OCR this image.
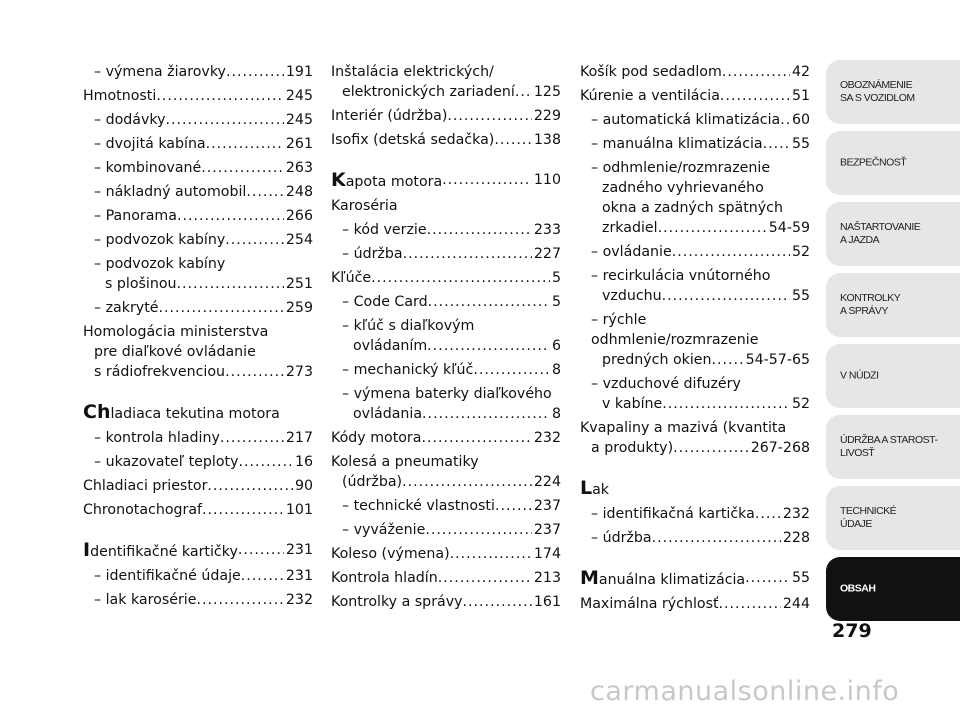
– výmena žiarovky .....	191
Hmotnosti .....	245
– dodávky .....	245
– dvojitá kabína .....	261
– kombinované .....	263
– nákladný automobil .....	248
– Panorama .....	266
– podvozok kabíny .....	254
– podvozok kabíny
s plošinou .....	251
– zakryté .....	259
Homologácia ministerstva
pre diaľkové ovládanie
s rádiofrekvenciou .....	273
Chladiaca tekutina motora
– kontrola hladiny .....	217
– ukazovateľ teploty .....	16
Chladiaci priestor .....	90
Chronotachograf .....	101
Identifikačné kartičky .....	231
– identifikačné údaje .....	231
– lak karosérie .....	232
Inštalácia elektrických/
elektronických zariadení ..... 125
Interiér (údržba) .....	229
Isofix (detská sedačka) .....	138
Kapota motora .....	110
Karoséria
– kód verzie .....	233
– údržba .....	227
Kľúče .....	5
– Code Card .....	5
– kľúč s diaľkovým
ovládaním .....	6
– mechanický kľúč .....	8
– výmena baterky diaľkového
ovládania .....	8
Kódy motora .....	232
Kolesá a pneumatiky
(údržba) .....	224
– technické vlastnosti .....	237
– vyváženie .....	237
Koleso (výmena) .....	174
Kontrola hladín .....	213
Kontrolky a správy .....	161
Košík pod sedadlom .....	42
Kúrenie a ventilácia .....	51
– automatická klimatizácia ..... 60
– manuálna klimatizácia ..... 55
– odhmlenie/rozmrazenie
zadného vyhrievaného
okna a zadných spätných
zrkadiel .....	54-59
– ovládanie .....	52
– recirkulácia vnútorného
vzduchu .....	55
– rýchle odhmlenie/rozmrazenie
predných okien ..... 54-57-65
– vzduchové difuzéry
v kabíne .....	52
Kvapaliny a mazivá (kvantita
a produkty) .....	267-268
Lak
– identifikačná kartička ..... 232
– údržba .....	228
Manuálna klimatizácia .....	55
Maximálna rýchlosť .....	244
OBOZNÁMENIE
SA S VOZIDLOM
BEZPEČNOSŤ
NAŠTARTOVANIE
A JAZDA
KONTROLKY
A SPRÁVY
V NÚDZI
ÚDRŽBA A STAROST-
LIVOSŤ
TECHNICKÉ
ÚDAJE
OBSAH
279
carmanualsonline.info
